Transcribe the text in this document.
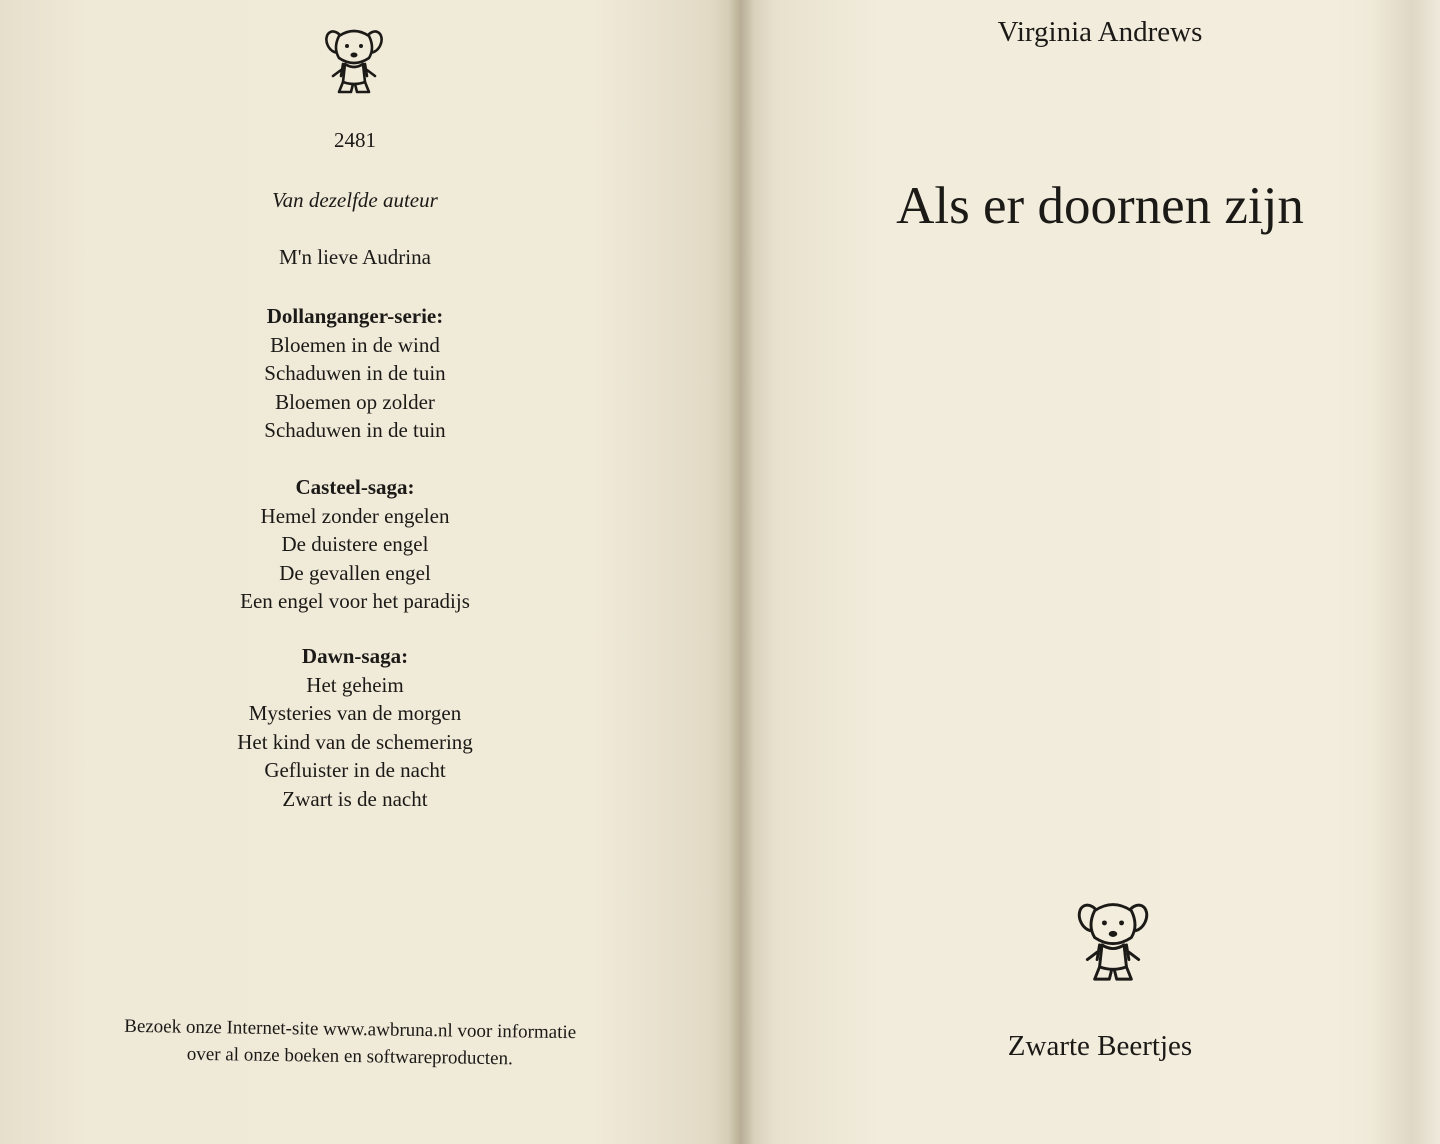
2481
Van dezelfde auteur
M'n lieve Audrina
Dollanganger-serie:
Bloemen in de wind
Schaduwen in de tuin
Bloemen op zolder
Schaduwen in de tuin
Casteel-saga:
Hemel zonder engelen
De duistere engel
De gevallen engel
Een engel voor het paradijs
Dawn-saga:
Het geheim
Mysteries van de morgen
Het kind van de schemering
Gefluister in de nacht
Zwart is de nacht
Bezoek onze Internet-site www.awbruna.nl voor informatie
over al onze boeken en softwareproducten.
Virginia Andrews
Als er doornen zijn
Zwarte Beertjes
